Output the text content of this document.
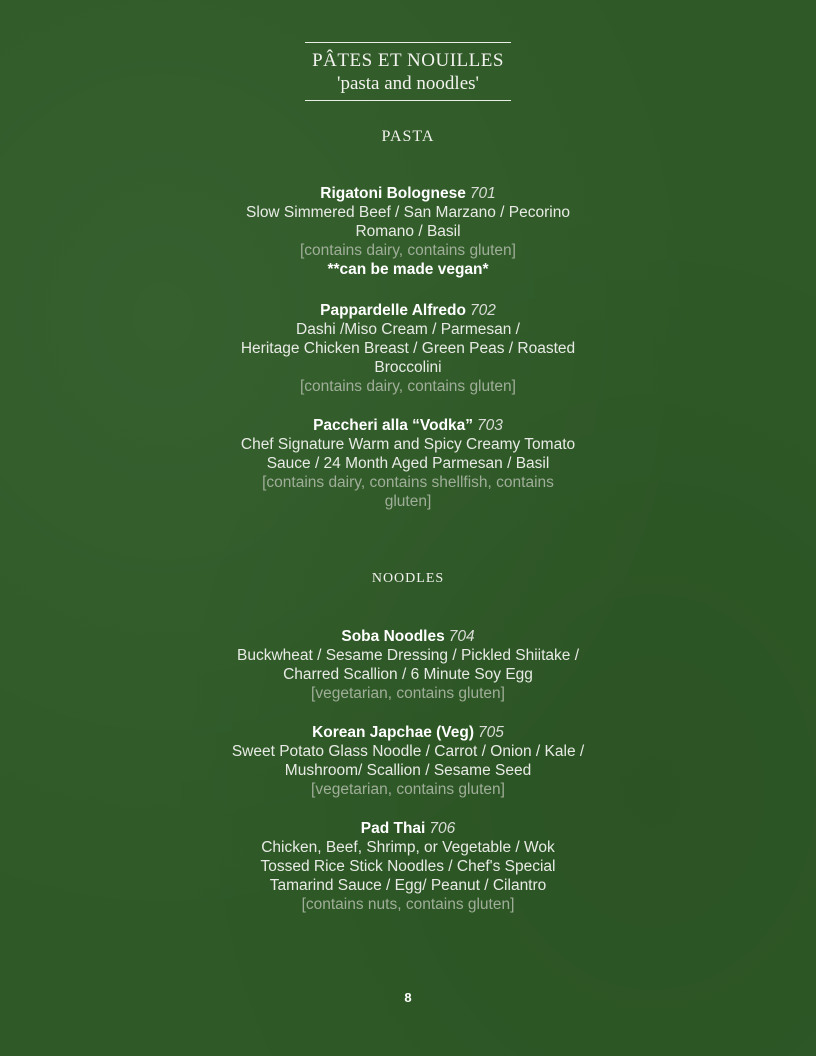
PÂTES ET NOUILLES
'pasta and noodles'
PASTA
Rigatoni Bolognese 701
Slow Simmered Beef / San Marzano / Pecorino
Romano / Basil
[contains dairy, contains gluten]
**can be made vegan*
Pappardelle Alfredo 702
Dashi /Miso Cream / Parmesan /
Heritage Chicken Breast / Green Peas / Roasted
Broccolini
[contains dairy, contains gluten]
Paccheri alla “Vodka” 703
Chef Signature Warm and Spicy Creamy Tomato
Sauce / 24 Month Aged Parmesan / Basil
[contains dairy, contains shellfish, contains
gluten]
NOODLES
Soba Noodles 704
Buckwheat / Sesame Dressing / Pickled Shiitake /
Charred Scallion / 6 Minute Soy Egg
[vegetarian, contains gluten]
Korean Japchae (Veg) 705
Sweet Potato Glass Noodle / Carrot / Onion / Kale /
Mushroom/ Scallion / Sesame Seed
[vegetarian, contains gluten]
Pad Thai 706
Chicken, Beef, Shrimp, or Vegetable / Wok
Tossed Rice Stick Noodles / Chef's Special
Tamarind Sauce / Egg/ Peanut / Cilantro
[contains nuts, contains gluten]
8
